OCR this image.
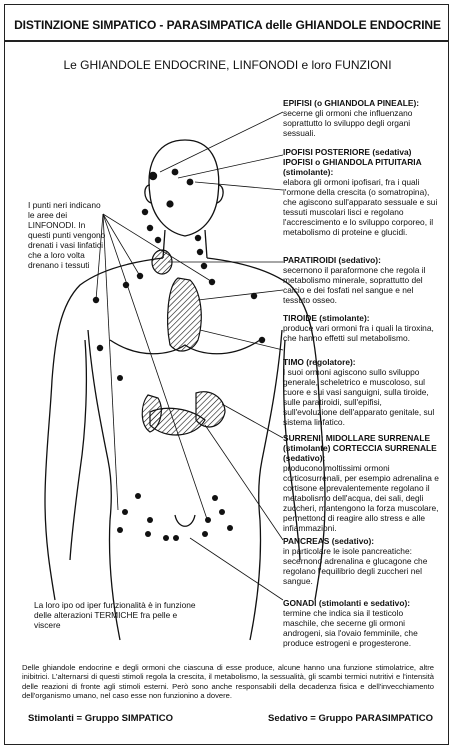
DISTINZIONE SIMPATICO - PARASIMPATICA delle GHIANDOLE ENDOCRINE
Le GHIANDOLE ENDOCRINE, LINFONODI e loro FUNZIONI
I punti neri indicano le aree dei LINFONODI. In questi punti vengono drenati i vasi linfatici che a loro volta drenano i tessuti
La loro ipo od iper funzionalità è in funzione delle alterazioni TERMICHE fra pelle e viscere
EPIFISI (o GHIANDOLA PINEALE):
secerne gli ormoni che influenzano soprattutto lo sviluppo degli organi sessuali.
IPOFISI POSTERIORE (sedativa) IPOFISI o GHIANDOLA PITUITARIA (stimolante):
elabora gli ormoni ipofisari, fra i quali l'ormone della crescita (o somatropina), che agiscono sull'apparato sessuale e sui tessuti muscolari lisci e regolano l'accrescimento e lo sviluppo corporeo, il metabolismo di proteine e glucidi.
PARATIROIDI (sedativo):
secernono il paraformone che regola il metabolismo minerale, soprattutto del calcio e dei fosfati nel sangue e nel tessuto osseo.
TIROIDE (stimolante):
produce vari ormoni fra i quali la tiroxina, che hanno effetti sul metabolismo.
TIMO (regolatore):
I suoi ormoni agiscono sullo sviluppo generale, scheletrico e muscoloso, sul cuore e sui vasi sanguigni, sulla tiroide, sulle paratiroidi, sull'epifisi, sull'evoluzione dell'apparato genitale, sul sistema linfatico.
SURRENI: MIDOLLARE SURRENALE (stimolante) CORTECCIA SURRENALE (sedativo):
producono moltissimi ormoni corticosurrenali, per esempio adrenalina e cortisone e prevalentemente regolano il metabolismo dell'acqua, dei sali, degli zuccheri, mantengono la forza muscolare, permettono di reagire allo stress e alle infiammazioni.
PANCREAS (sedativo):
in particolare le isole pancreatiche: secernono adrenalina e glucagone che regolano l'equilibrio degli zuccheri nel sangue.
GONADI (stimolanti e sedativo):
termine che indica sia il testicolo maschile, che secerne gli ormoni androgeni, sia l'ovaio femminile, che produce estrogeni e progesterone.
Delle ghiandole endocrine e degli ormoni che ciascuna di esse produce, alcune hanno una funzione stimolatrice, altre inibitrici. L'alternarsi di questi stimoli regola la crescita, il metabolismo, la sessualità, gli scambi termici nutritivi e l'intensità delle reazioni di fronte agli stimoli esterni. Però sono anche responsabili della decadenza fisica e dell'invecchiamento dell'organismo umano, nel caso esse non funzionino a dovere.
Stimolanti = Gruppo SIMPATICO	Sedativo = Gruppo PARASIMPATICO
